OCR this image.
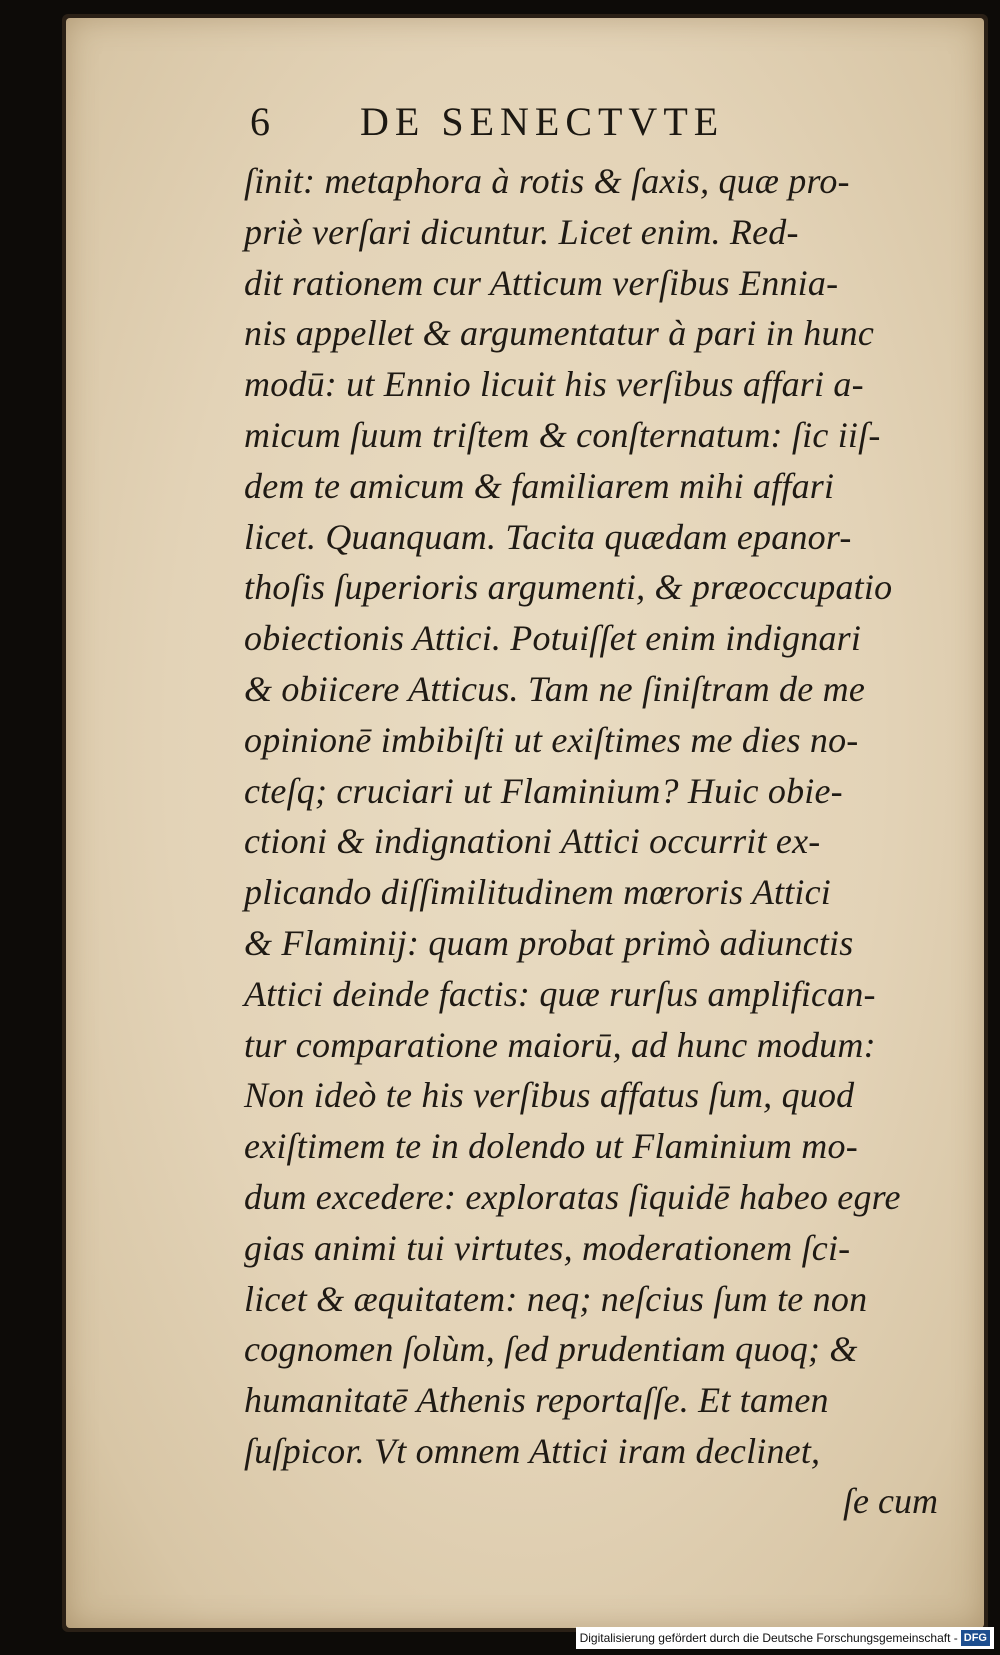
6	DE SENECTVTE
ſinit: metaphora à rotis & ſaxis, quæ pro-
priè verſari dicuntur. Licet enim. Red-
dit rationem cur Atticum verſibus Ennia-
nis appellet & argumentatur à pari in hunc
modū: ut Ennio licuit his verſibus affari a-
micum ſuum triſtem & conſternatum: ſic iiſ-
dem te amicum & familiarem mihi affari
licet. Quanquam. Tacita quædam epanor-
thoſis ſuperioris argumenti, & præoccupatio
obiectionis Attici. Potuiſſet enim indignari
& obiicere Atticus. Tam ne ſiniſtram de me
opinionē imbibiſti ut exiſtimes me dies no-
cteſq; cruciari ut Flaminium? Huic obie-
ctioni & indignationi Attici occurrit ex-
plicando diſſimilitudinem mœroris Attici
& Flaminij: quam probat primò adiunctis
Attici deinde factis: quæ rurſus amplifican-
tur comparatione maiorū, ad hunc modum:
Non ideò te his verſibus affatus ſum, quod
exiſtimem te in dolendo ut Flaminium mo-
dum excedere: exploratas ſiquidē habeo egre
gias animi tui virtutes, moderationem ſci-
licet & æquitatem: neq; neſcius ſum te non
cognomen ſolùm, ſed prudentiam quoq; &
humanitatē Athenis reportaſſe. Et tamen
ſuſpicor. Vt omnem Attici iram declinet,
ſe cum
Digitalisierung gefördert durch die Deutsche Forschungsgemeinschaft - DFG
